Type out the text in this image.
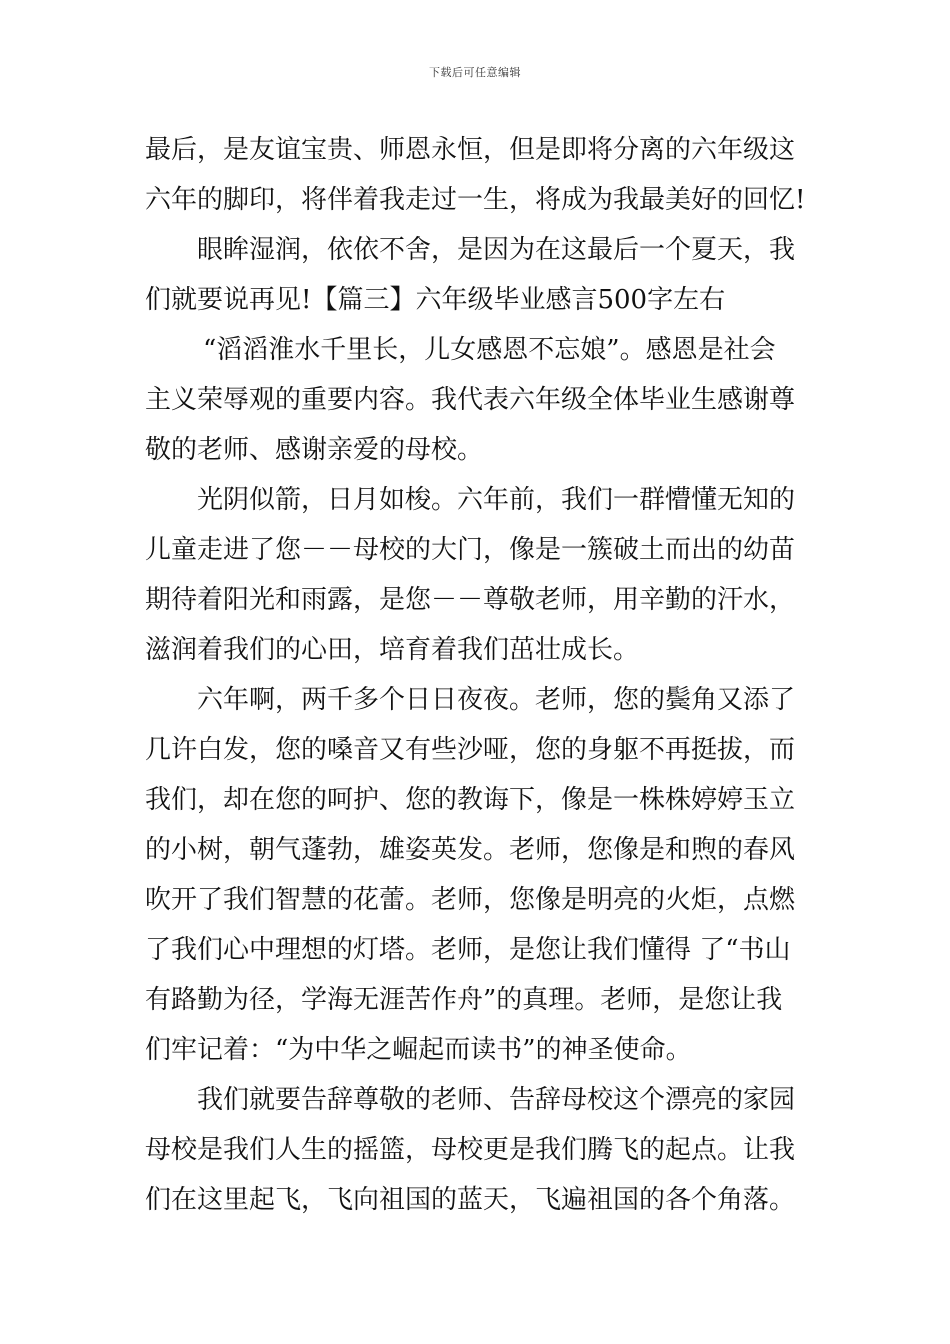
下载后可任意编辑
最后，是友谊宝贵、师恩永恒，但是即将分离的六年级这
六年的脚印，将伴着我走过一生，将成为我最美好的回忆!
眼眸湿润，依依不舍，是因为在这最后一个夏天，我
们就要说再见!【篇三】六年级毕业感言500字左右
“滔滔淮水千里长，儿女感恩不忘娘”。感恩是社会
主义荣辱观的重要内容。我代表六年级全体毕业生感谢尊
敬的老师、感谢亲爱的母校。
光阴似箭，日月如梭。六年前，我们一群懵懂无知的
儿童走进了您－－母校的大门，像是一簇破土而出的幼苗
期待着阳光和雨露，是您－－尊敬老师，用辛勤的汗水，
滋润着我们的心田，培育着我们茁壮成长。
六年啊，两千多个日日夜夜。老师，您的鬓角又添了
几许白发，您的嗓音又有些沙哑，您的身躯不再挺拔，而
我们，却在您的呵护、您的教诲下，像是一株株婷婷玉立
的小树，朝气蓬勃，雄姿英发。老师，您像是和煦的春风
吹开了我们智慧的花蕾。老师，您像是明亮的火炬，点燃
了我们心中理想的灯塔。老师，是您让我们懂得 了“书山
有路勤为径，学海无涯苦作舟”的真理。老师，是您让我
们牢记着：“为中华之崛起而读书”的神圣使命。
我们就要告辞尊敬的老师、告辞母校这个漂亮的家园
母校是我们人生的摇篮，母校更是我们腾飞的起点。让我
们在这里起飞，飞向祖国的蓝天，飞遍祖国的各个角落。
